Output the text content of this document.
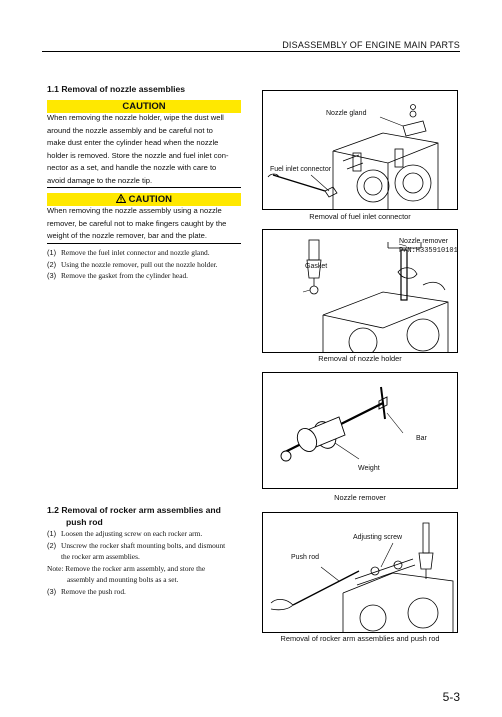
DISASSEMBLY OF ENGINE MAIN PARTS
1.1 Removal of nozzle assemblies
CAUTION
When removing the nozzle holder, wipe the dust well
around the nozzle assembly and be careful not to
make dust enter the cylinder head when the nozzle
holder is removed. Store the nozzle and fuel inlet con-
nector as a set, and handle the nozzle with care to
avoid damage to the nozzle tip.
CAUTION
When removing the nozzle assembly using a nozzle
remover, be careful not to make fingers caught by the
weight of the nozzle remover, bar and the plate.
(1) Remove the fuel inlet connector and nozzle gland.
(2) Using the nozzle remover, pull out the nozzle holder.
(3) Remove the gasket from the cylinder head.
1.2 Removal of rocker arm assemblies and
push rod
(1) Loosen the adjusting screw on each rocker arm.
(2) Unscrew the rocker shaft mounting bolts, and dismount
the rocker arm assemblies.
Note: Remove the rocker arm assembly, and store the
assembly and mounting bolts as a set.
(3) Remove the push rod.
Nozzle gland
Fuel inlet connector
Removal of fuel inlet connector
Nozzle remover
P/N:H335910101
Gasket
Removal of nozzle holder
Bar
Weight
Nozzle remover
Adjusting screw
Push rod
Removal of rocker arm assemblies and push rod
5-3
